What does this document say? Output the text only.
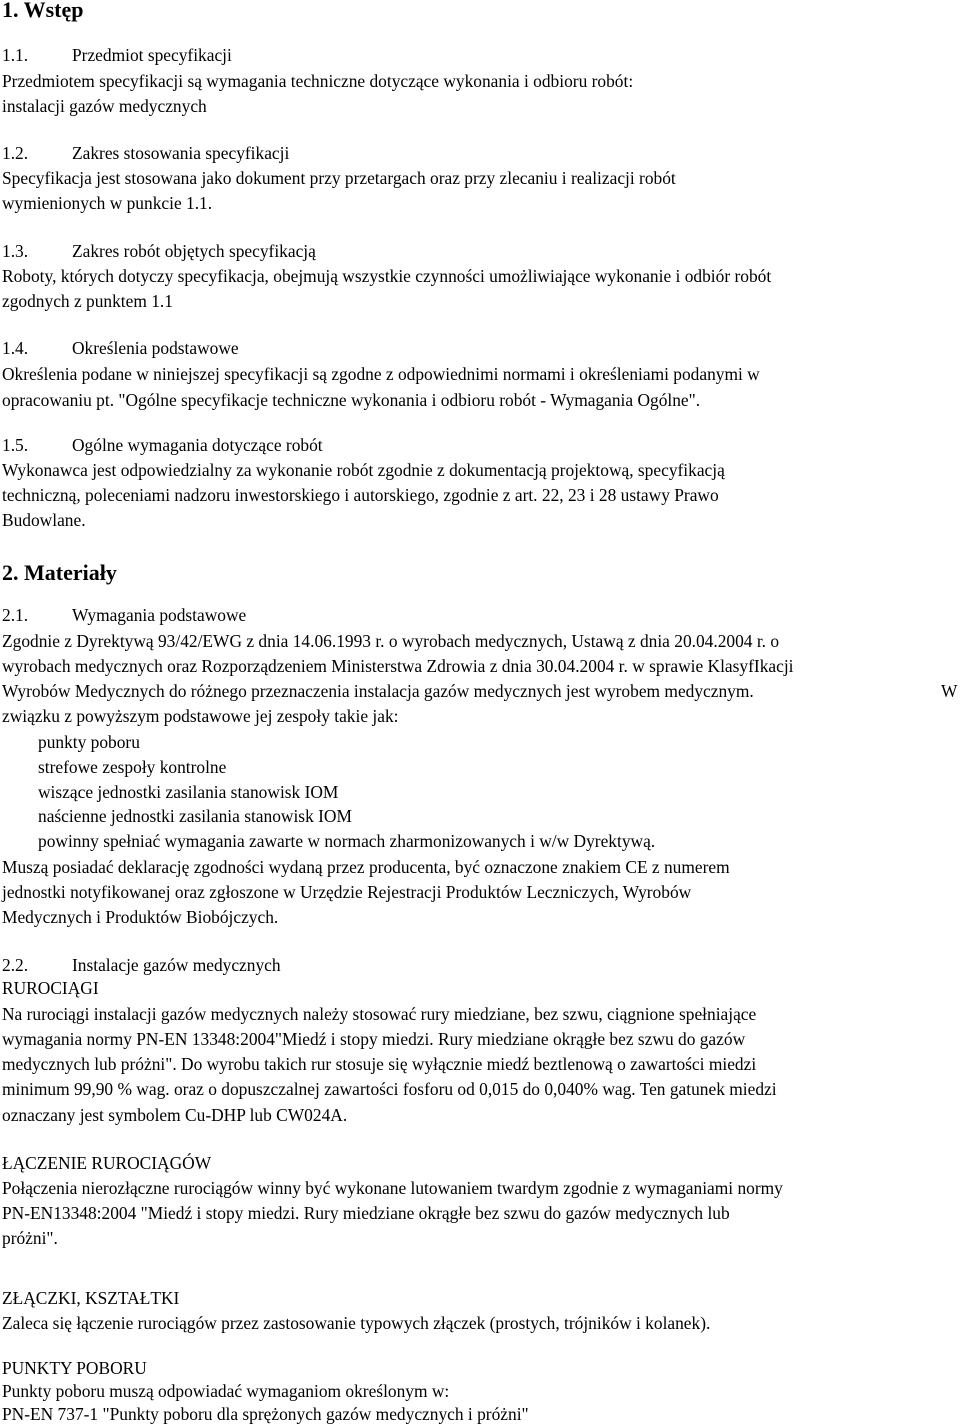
1. Wstęp
1.1.	Przedmiot specyfikacji
Przedmiotem specyfikacji są wymagania techniczne dotyczące wykonania i odbioru robót:
instalacji gazów medycznych
1.2.	Zakres stosowania specyfikacji
Specyfikacja jest stosowana jako dokument przy przetargach oraz przy zlecaniu i realizacji robót
wymienionych w punkcie 1.1.
1.3.	Zakres robót objętych specyfikacją
Roboty, których dotyczy specyfikacja, obejmują wszystkie czynności umożliwiające wykonanie i odbiór robót
zgodnych z punktem 1.1
1.4.	Określenia podstawowe
Określenia podane w niniejszej specyfikacji są zgodne z odpowiednimi normami i określeniami podanymi w
opracowaniu pt. "Ogólne specyfikacje techniczne wykonania i odbioru robót - Wymagania Ogólne".
1.5.	Ogólne wymagania dotyczące robót
Wykonawca jest odpowiedzialny za wykonanie robót zgodnie z dokumentacją projektową, specyfikacją
techniczną, poleceniami nadzoru inwestorskiego i autorskiego, zgodnie z art. 22, 23 i 28 ustawy Prawo
Budowlane.
2. Materiały
2.1.	Wymagania podstawowe
Zgodnie z Dyrektywą 93/42/EWG z dnia 14.06.1993 r. o wyrobach medycznych, Ustawą z dnia 20.04.2004 r. o
wyrobach medycznych oraz Rozporządzeniem Ministerstwa Zdrowia z dnia 30.04.2004 r. w sprawie KlasyfIkacji
Wyrobów Medycznych do różnego przeznaczenia instalacja gazów medycznych jest wyrobem medycznym.	W
związku z powyższym podstawowe jej zespoły takie jak:
punkty poboru
strefowe zespoły kontrolne
wiszące jednostki zasilania stanowisk IOM
naścienne jednostki zasilania stanowisk IOM
powinny spełniać wymagania zawarte w normach zharmonizowanych i w/w Dyrektywą.
Muszą posiadać deklarację zgodności wydaną przez producenta, być oznaczone znakiem CE z numerem
jednostki notyfikowanej oraz zgłoszone w Urzędzie Rejestracji Produktów Leczniczych, Wyrobów
Medycznych i Produktów Biobójczych.
2.2.	Instalacje gazów medycznych
RUROCIĄGI
Na rurociągi instalacji gazów medycznych należy stosować rury miedziane, bez szwu, ciągnione spełniające
wymagania normy PN-EN 13348:2004"Miedź i stopy miedzi. Rury miedziane okrągłe bez szwu do gazów
medycznych lub próżni". Do wyrobu takich rur stosuje się wyłącznie miedź beztlenową o zawartości miedzi
minimum 99,90 % wag. oraz o dopuszczalnej zawartości fosforu od 0,015 do 0,040% wag. Ten gatunek miedzi
oznaczany jest symbolem Cu-DHP lub CW024A.
ŁĄCZENIE RUROCIĄGÓW
Połączenia nierozłączne rurociągów winny być wykonane lutowaniem twardym zgodnie z wymaganiami normy
PN-EN13348:2004 "Miedź i stopy miedzi. Rury miedziane okrągłe bez szwu do gazów medycznych lub
próżni".
ZŁĄCZKI, KSZTAŁTKI
Zaleca się łączenie rurociągów przez zastosowanie typowych złączek (prostych, trójników i kolanek).
PUNKTY POBORU
Punkty poboru muszą odpowiadać wymaganiom określonym w:
PN-EN 737-1 "Punkty poboru dla sprężonych gazów medycznych i próżni"
